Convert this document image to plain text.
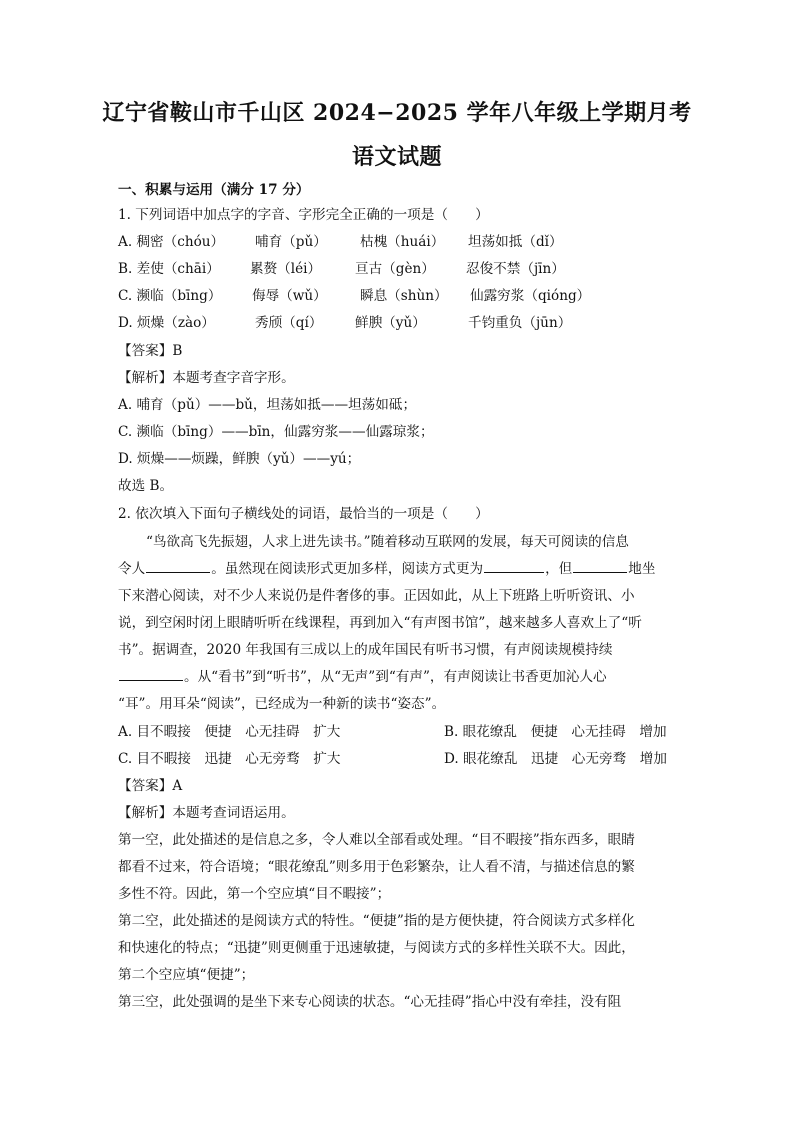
辽宁省鞍山市千山区 2024−2025 学年八年级上学期月考
语文试题
一、积累与运用（满分 17 分）
1. 下列词语中加点字的字音、字形完全正确的一项是（　　）
A. 稠密（chóu） 哺育（pǔ） 枯槐（huái） 坦荡如抵（dǐ）
B. 差使（chāi） 累赘（léi） 亘古（gèn） 忍俊不禁（jīn）
C. 濒临（bīng） 侮辱（wǔ） 瞬息（shùn） 仙露穷浆（qióng）
D. 烦燥（zào）	秀颀（qí） 鲜腴（yǔ）	千钧重负（jūn）
【答案】B
【解析】本题考查字音字形。
A. 哺育（pǔ）——bǔ，坦荡如抵——坦荡如砥；
C. 濒临（bīng）——bīn，仙露穷浆——仙露琼浆；
D. 烦燥——烦躁，鲜腴（yǔ）——yú；
故选 B。
2. 依次填入下面句子横线处的词语，最恰当的一项是（　　）
“鸟欲高飞先振翅，人求上进先读书。”随着移动互联网的发展，每天可阅读的信息
令人	。虽然现在阅读形式更加多样，阅读方式更为	，但	地坐
下来潜心阅读，对不少人来说仍是件奢侈的事。正因如此，从上下班路上听听资讯、小
说，到空闲时闭上眼睛听听在线课程，再到加入“有声图书馆”，越来越多人喜欢上了“听
书”。据调查，2020 年我国有三成以上的成年国民有听书习惯，有声阅读规模持续
。从“看书”到“听书”，从“无声”到“有声”，有声阅读让书香更加沁人心
“耳”。用耳朵“阅读”，已经成为一种新的读书“姿态”。
A. 目不暇接　便捷　心无挂碍　扩大	B. 眼花缭乱　便捷　心无挂碍　增加
C. 目不暇接　迅捷　心无旁骛　扩大	D. 眼花缭乱　迅捷　心无旁骛　增加
【答案】A
【解析】本题考查词语运用。
第一空，此处描述的是信息之多，令人难以全部看或处理。“目不暇接”指东西多，眼睛
都看不过来，符合语境；“眼花缭乱”则多用于色彩繁杂，让人看不清，与描述信息的繁
多性不符。因此，第一个空应填“目不暇接”；
第二空，此处描述的是阅读方式的特性。“便捷”指的是方便快捷，符合阅读方式多样化
和快速化的特点；“迅捷”则更侧重于迅速敏捷，与阅读方式的多样性关联不大。因此，
第二个空应填“便捷”；
第三空，此处强调的是坐下来专心阅读的状态。“心无挂碍”指心中没有牵挂，没有阻
